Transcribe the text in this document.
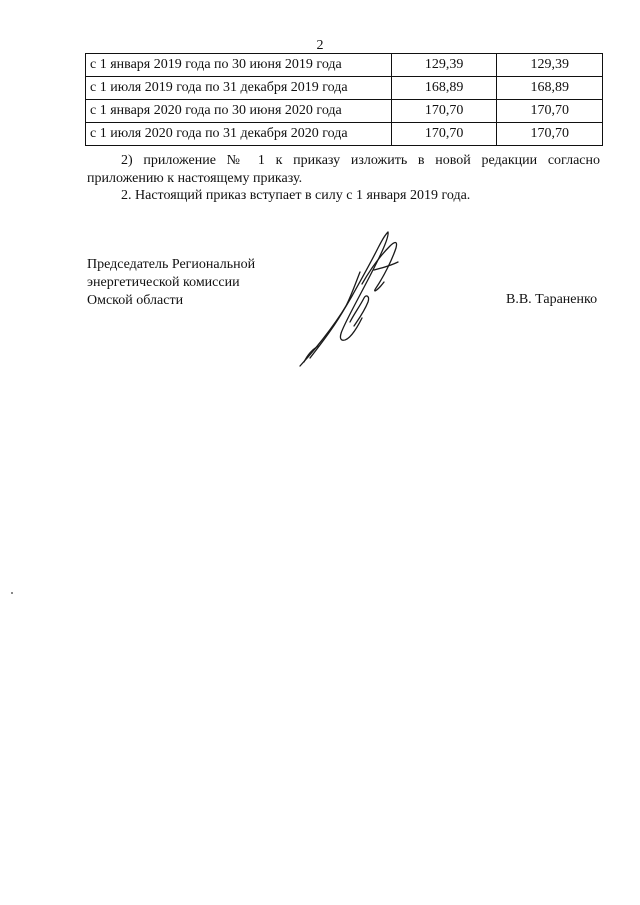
2
с 1 января 2019 года по 30 июня 2019 года	129,39	129,39
с 1 июля 2019 года по 31 декабря 2019 года	168,89	168,89
с 1 января 2020 года по 30 июня 2020 года	170,70	170,70
с 1 июля 2020 года по 31 декабря 2020 года	170,70	170,70
2) приложение № 1 к приказу изложить в новой редакции согласно приложению к настоящему приказу.
2. Настоящий приказ вступает в силу с 1 января 2019 года.
Председатель Региональной
энергетической комиссии
Омской области	В.В. Тараненко
